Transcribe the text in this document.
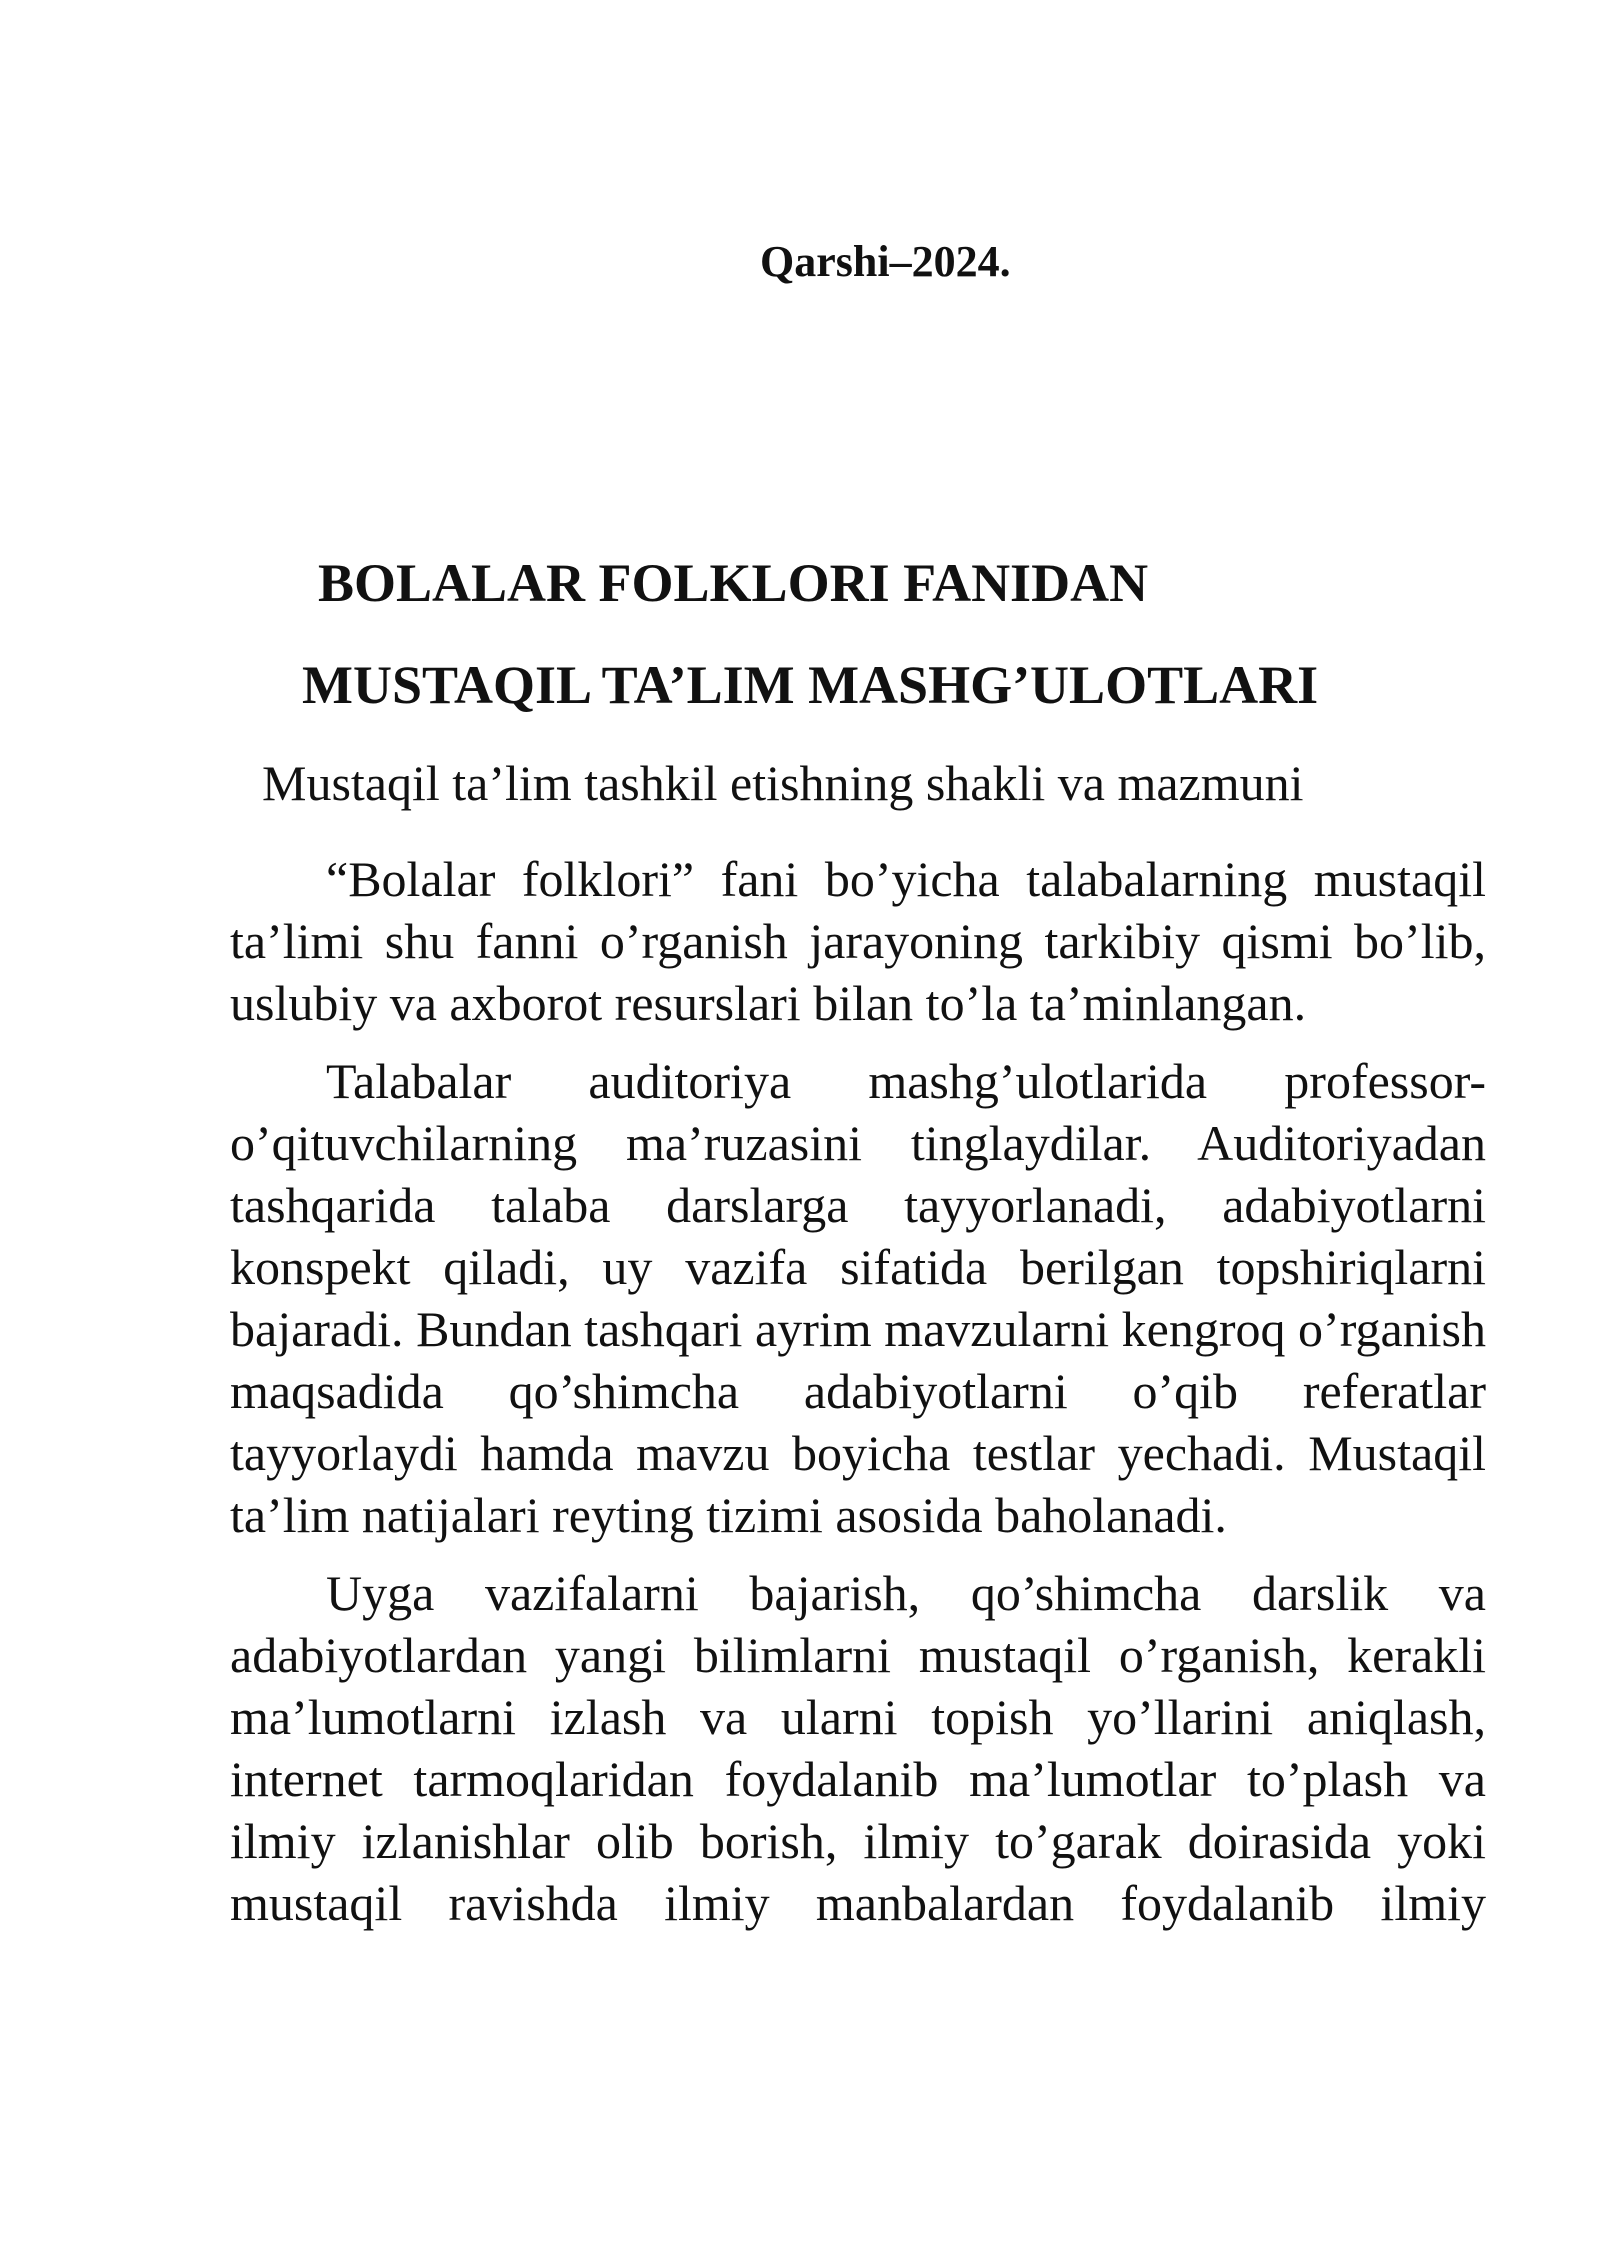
Qarshi–2024.
BOLALAR FOLKLORI FANIDAN
MUSTAQIL TA’LIM MASHG’ULOTLARI
Mustaqil ta’lim tashkil etishning shakli va mazmuni

“Bolalar folklori” fani bo’yicha talabalarning mustaqil ta’limi shu fanni o’rganish jarayoning tarkibiy qismi bo’lib, uslubiy va axborot resurslari bilan to’la ta’minlangan.

Talabalar auditoriya mashg’ulotlarida professor-o’qituvchilarning ma’ruzasini tinglaydilar. Auditoriyadan tashqarida talaba darslarga tayyorlanadi, adabiyotlarni konspekt qiladi, uy vazifa sifatida berilgan topshiriqlarni bajaradi. Bundan tashqari ayrim mavzularni kengroq o’rganish maqsadida qo’shimcha adabiyotlarni o’qib referatlar tayyorlaydi hamda mavzu boyicha testlar yechadi. Mustaqil ta’lim natijalari reyting tizimi asosida baholanadi.

Uyga vazifalarni bajarish, qo’shimcha darslik va adabiyotlardan yangi bilimlarni mustaqil o’rganish, kerakli ma’lumotlarni izlash va ularni topish yo’llarini aniqlash, internet tarmoqlaridan foydalanib ma’lumotlar to’plash va ilmiy izlanishlar olib borish, ilmiy to’garak doirasida yoki mustaqil ravishda ilmiy manbalardan foydalanib ilmiy
